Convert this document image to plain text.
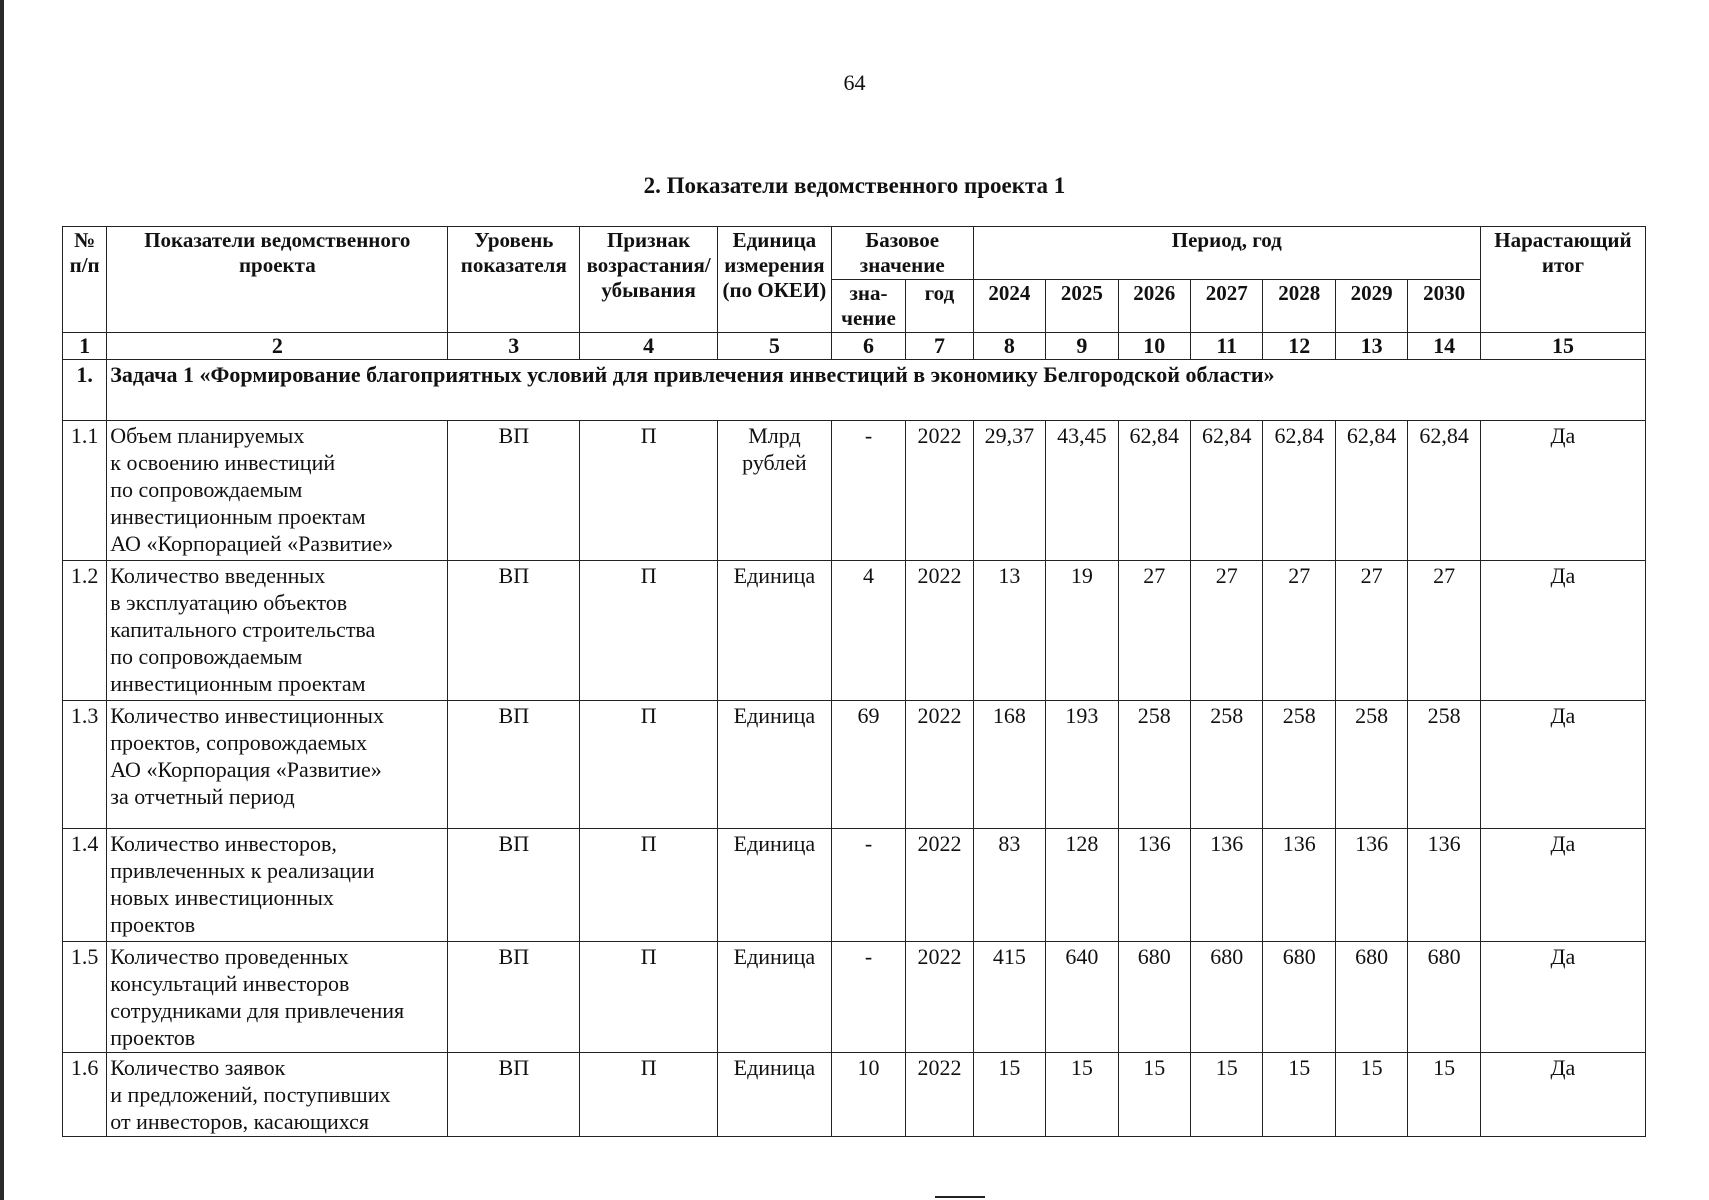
64
2. Показатели ведомственного проекта 1
№ п/п	Показатели ведомственного проекта	Уровень показателя	Признак возрастания/ убывания	Единица измерения (по ОКЕИ)	Базовое значение		Период, год							Нарастающий итог
					зна-чение	год	2024	2025	2026	2027	2028	2029	2030	
1	2	3	4	5	6	7	8	9	10	11	12	13	14	15
1.	Задача 1 «Формирование благоприятных условий для привлечения инвестиций в экономику Белгородской области»													
1.1	Объем планируемых
к освоению инвестиций
по сопровождаемым
инвестиционным проектам
АО «Корпорацией «Развитие»	ВП	П	Млрд
рублей	-	2022	29,37	43,45	62,84	62,84	62,84	62,84	62,84	Да
1.2	Количество введенных
в эксплуатацию объектов
капитального строительства
по сопровождаемым
инвестиционным проектам	ВП	П	Единица	4	2022	13	19	27	27	27	27	27	Да
1.3	Количество инвестиционных
проектов, сопровождаемых
АО «Корпорация «Развитие»
за отчетный период	ВП	П	Единица	69	2022	168	193	258	258	258	258	258	Да
1.4	Количество инвесторов,
привлеченных к реализации
новых инвестиционных
проектов	ВП	П	Единица	-	2022	83	128	136	136	136	136	136	Да
1.5	Количество проведенных
консультаций инвесторов
сотрудниками для привлечения
проектов	ВП	П	Единица	-	2022	415	640	680	680	680	680	680	Да
1.6	Количество заявок
и предложений, поступивших
от инвесторов, касающихся	ВП	П	Единица	10	2022	15	15	15	15	15	15	15	Да
